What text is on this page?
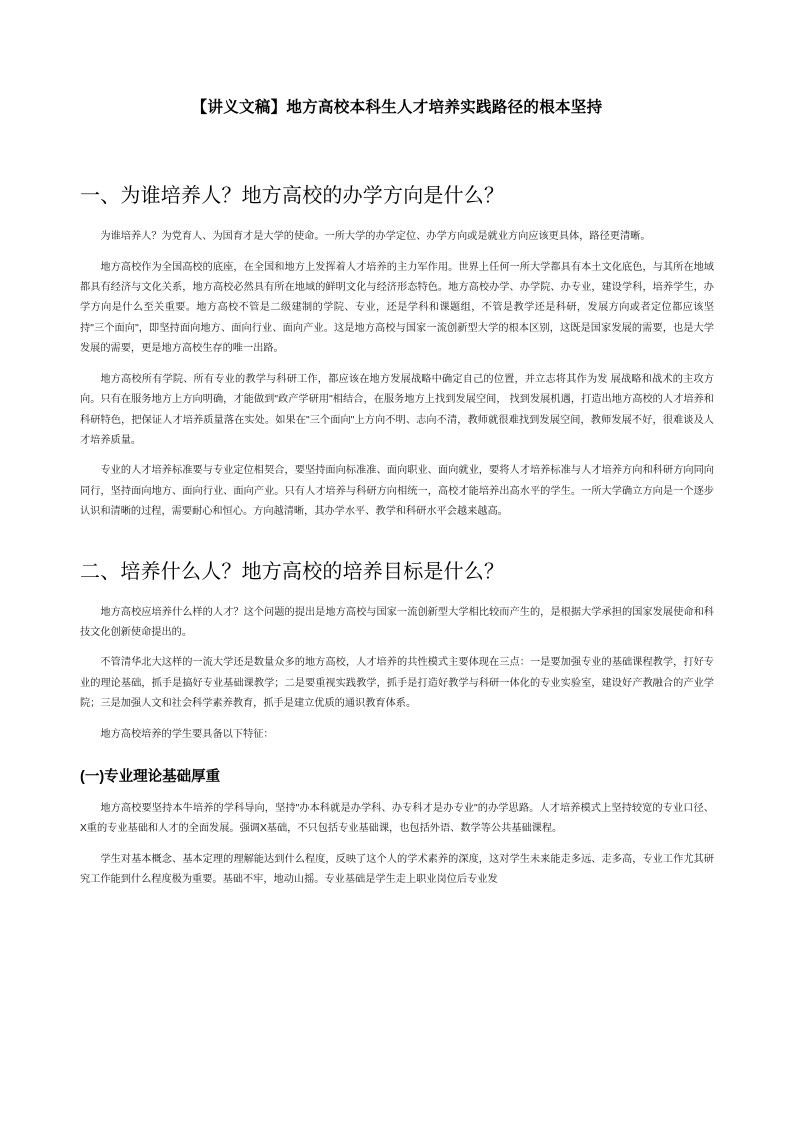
【讲义文稿】地方高校本科生人才培养实践路径的根本坚持
一、为谁培养人？地方高校的办学方向是什么？

为谁培养人？为党育人、为国育才是大学的使命。一所大学的办学定位、办学方向或是就业方向应该更具体，路径更清晰。

地方高校作为全国高校的底座，在全国和地方上发挥着人才培养的主力军作用。世界上任何一所大学都具有本土文化底色，与其所在地域都具有经济与文化关系，地方高校必然具有所在地域的鲜明文化与经济形态特色。地方高校办学、办学院、办专业，建设学科，培养学生，办学方向是什么至关重要。地方高校不管是二级建制的学院、专业，还是学科和课题组，不管是教学还是科研，发展方向或者定位都应该坚持"三个面向"，即坚持面向地方、面向行业、面向产业。这是地方高校与国家一流创新型大学的根本区别，这既是国家发展的需要，也是大学发展的需要，更是地方高校生存的唯一出路。

地方高校所有学院、所有专业的教学与科研工作，都应该在地方发展战略中确定自己的位置，并立志将其作为发 展战略和战术的主攻方向。只有在服务地方上方向明确，才能做到"政产学研用"相结合，在服务地方上找到发展空间， 找到发展机遇，打造出地方高校的人才培养和科研特色，把保证人才培养质量落在实处。如果在"三个面向"上方向不明、志向不清，教师就很难找到发展空间，教师发展不好，很难谈及人才培养质量。

专业的人才培养标准要与专业定位相契合，要坚持面向标准准、面向职业、面向就业，要将人才培养标准与人才培养方向和科研方向同向同行，坚持面向地方、面向行业、面向产业。只有人才培养与科研方向相统一，高校才能培养出高水平的学生。一所大学确立方向是一个逐步认识和清晰的过程，需要耐心和恒心。方向越清晰，其办学水平、教学和科研水平会越来越高。

二、培养什么人？地方高校的培养目标是什么？

地方高校应培养什么样的人才？这个问题的提出是地方高校与国家一流创新型大学相比较而产生的，是根据大学承担的国家发展使命和科技文化创新使命提出的。

不管清华北大这样的一流大学还是数量众多的地方高校，人才培养的共性模式主要体现在三点：一是要加强专业的基础课程教学，打好专业的理论基础，抓手是搞好专业基础课教学；二是要重视实践教学，抓手是打造好教学与科研一体化的专业实验室，建设好产教融合的产业学院；三是加强人文和社会科学素养教育，抓手是建立优质的通识教育体系。

地方高校培养的学生要具备以下特征：

(一)专业理论基础厚重

地方高校要坚持本牛培养的学科导向，坚持"办本科就是办学科、办专科才是办专业"的办学思路。人才培养模式上坚持较宽的专业口径、X重的专业基础和人才的全面发展。强调X基础，不只包括专业基础课，也包括外语、数学等公共基础课程。

学生对基本概念、基本定理的理解能达到什么程度，反映了这个人的学术素养的深度，这对学生未来能走多远、走多高，专业工作尤其研究工作能到什么程度极为重要。基础不牢，地动山摇。专业基础是学生走上职业岗位后专业发
